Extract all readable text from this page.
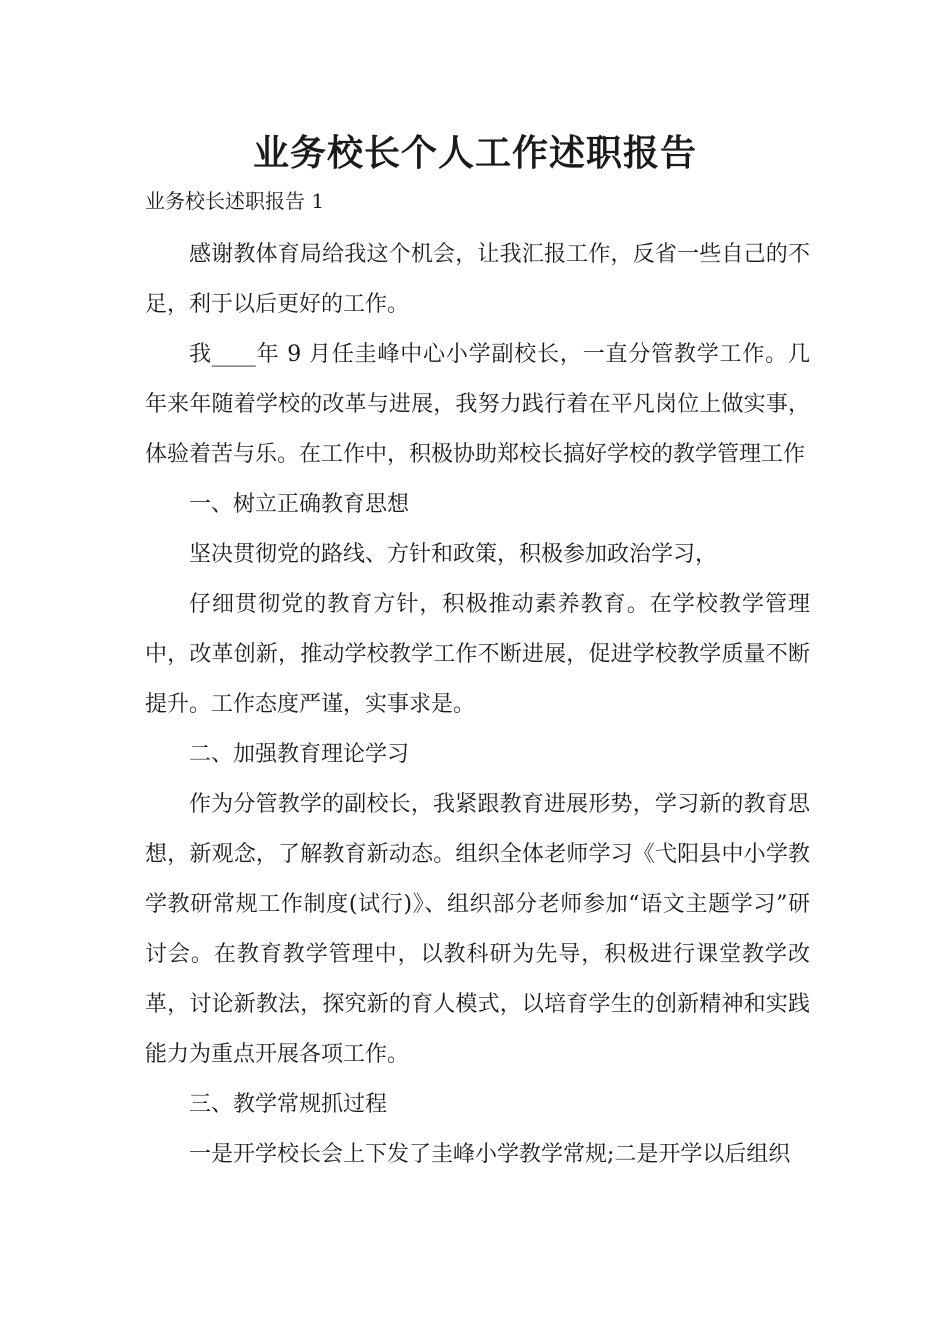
业务校长个人工作述职报告
业务校长述职报告 1

感谢教体育局给我这个机会，让我汇报工作，反省一些自己的不足，利于以后更好的工作。

我____年 9 月任圭峰中心小学副校长，一直分管教学工作。几年来年随着学校的改革与进展，我努力践行着在平凡岗位上做实事，体验着苦与乐。在工作中，积极协助郑校长搞好学校的教学管理工作

一、树立正确教育思想

坚决贯彻党的路线、方针和政策，积极参加政治学习，

仔细贯彻党的教育方针，积极推动素养教育。在学校教学管理中，改革创新，推动学校教学工作不断进展，促进学校教学质量不断提升。工作态度严谨，实事求是。

二、加强教育理论学习

作为分管教学的副校长，我紧跟教育进展形势，学习新的教育思想，新观念，了解教育新动态。组织全体老师学习《弋阳县中小学教学教研常规工作制度(试行)》、组织部分老师参加“语文主题学习”研讨会。在教育教学管理中，以教科研为先导，积极进行课堂教学改革，讨论新教法，探究新的育人模式，以培育学生的创新精神和实践能力为重点开展各项工作。

三、教学常规抓过程

一是开学校长会上下发了圭峰小学教学常规;二是开学以后组织
